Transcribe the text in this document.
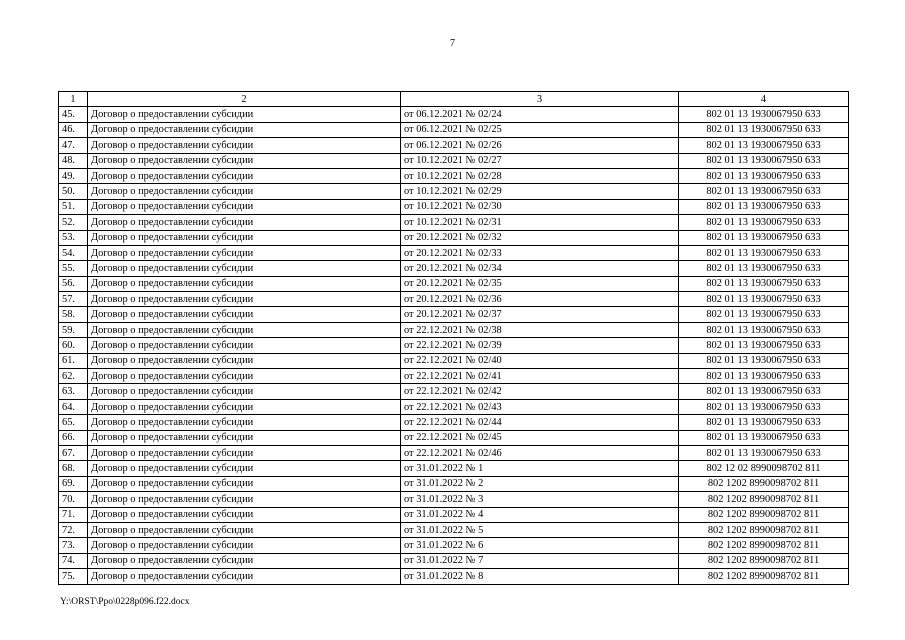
7
1	2	3	4
45.	Договор о предоставлении субсидии	от 06.12.2021 № 02/24	802 01 13 1930067950 633
46.	Договор о предоставлении субсидии	от 06.12.2021 № 02/25	802 01 13 1930067950 633
47.	Договор о предоставлении субсидии	от 06.12.2021 № 02/26	802 01 13 1930067950 633
48.	Договор о предоставлении субсидии	от 10.12.2021 № 02/27	802 01 13 1930067950 633
49.	Договор о предоставлении субсидии	от 10.12.2021 № 02/28	802 01 13 1930067950 633
50.	Договор о предоставлении субсидии	от 10.12.2021 № 02/29	802 01 13 1930067950 633
51.	Договор о предоставлении субсидии	от 10.12.2021 № 02/30	802 01 13 1930067950 633
52.	Договор о предоставлении субсидии	от 10.12.2021 № 02/31	802 01 13 1930067950 633
53.	Договор о предоставлении субсидии	от 20.12.2021 № 02/32	802 01 13 1930067950 633
54.	Договор о предоставлении субсидии	от 20.12.2021 № 02/33	802 01 13 1930067950 633
55.	Договор о предоставлении субсидии	от 20.12.2021 № 02/34	802 01 13 1930067950 633
56.	Договор о предоставлении субсидии	от 20.12.2021 № 02/35	802 01 13 1930067950 633
57.	Договор о предоставлении субсидии	от 20.12.2021 № 02/36	802 01 13 1930067950 633
58.	Договор о предоставлении субсидии	от 20.12.2021 № 02/37	802 01 13 1930067950 633
59.	Договор о предоставлении субсидии	от 22.12.2021 № 02/38	802 01 13 1930067950 633
60.	Договор о предоставлении субсидии	от 22.12.2021 № 02/39	802 01 13 1930067950 633
61.	Договор о предоставлении субсидии	от 22.12.2021 № 02/40	802 01 13 1930067950 633
62.	Договор о предоставлении субсидии	от 22.12.2021 № 02/41	802 01 13 1930067950 633
63.	Договор о предоставлении субсидии	от 22.12.2021 № 02/42	802 01 13 1930067950 633
64.	Договор о предоставлении субсидии	от 22.12.2021 № 02/43	802 01 13 1930067950 633
65.	Договор о предоставлении субсидии	от 22.12.2021 № 02/44	802 01 13 1930067950 633
66.	Договор о предоставлении субсидии	от 22.12.2021 № 02/45	802 01 13 1930067950 633
67.	Договор о предоставлении субсидии	от 22.12.2021 № 02/46	802 01 13 1930067950 633
68.	Договор о предоставлении субсидии	от 31.01.2022 № 1	802 12 02 8990098702 811
69.	Договор о предоставлении субсидии	от 31.01.2022 № 2	802 1202 8990098702 811
70.	Договор о предоставлении субсидии	от 31.01.2022 № 3	802 1202 8990098702 811
71.	Договор о предоставлении субсидии	от 31.01.2022 № 4	802 1202 8990098702 811
72.	Договор о предоставлении субсидии	от 31.01.2022 № 5	802 1202 8990098702 811
73.	Договор о предоставлении субсидии	от 31.01.2022 № 6	802 1202 8990098702 811
74.	Договор о предоставлении субсидии	от 31.01.2022 № 7	802 1202 8990098702 811
75.	Договор о предоставлении субсидии	от 31.01.2022 № 8	802 1202 8990098702 811
Y:\ORST\Ppo\0228p096.f22.docx
